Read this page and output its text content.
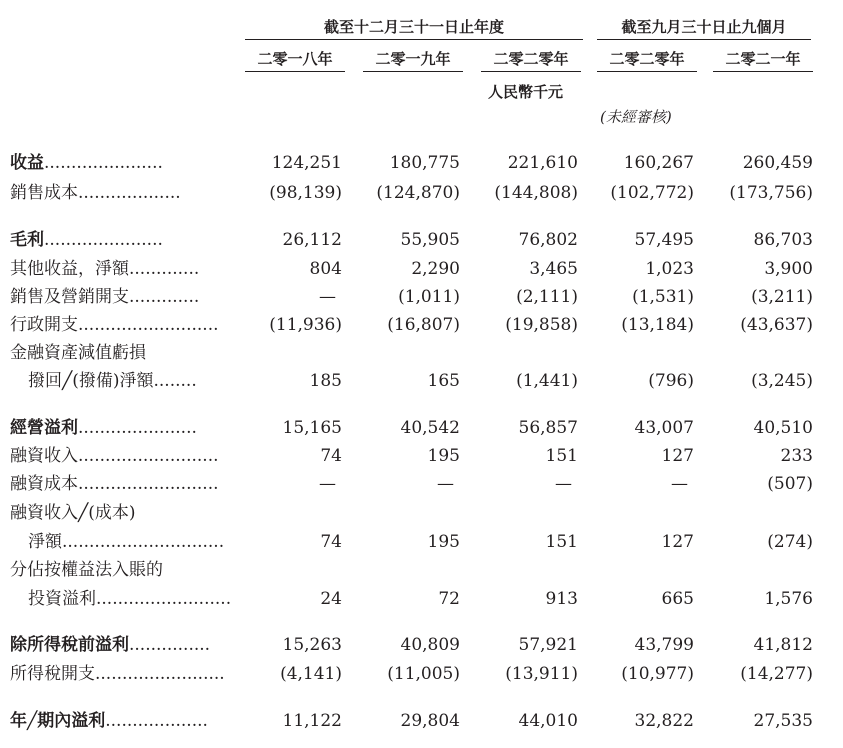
截至十二月三十一日止年度	截至九月三十日止九個月
二零一八年	二零一九年	二零二零年	二零二零年	二零二一年
人民幣千元
(未經審核)
收益......................	124,251	180,775	221,610	160,267	260,459
銷售成本...................	(98,139)	(124,870)	(144,808)	(102,772)	(173,756)
毛利......................	26,112	55,905	76,802	57,495	86,703
其他收益，淨額.............	804	2,290	3,465	1,023	3,900
銷售及營銷開支.............	—	(1,011)	(2,111)	(1,531)	(3,211)
行政開支..........................	(11,936)	(16,807)	(19,858)	(13,184)	(43,637)
金融資產減值虧損
撥回╱(撥備)淨額........	185	165	(1,441)	(796)	(3,245)
經營溢利......................	15,165	40,542	56,857	43,007	40,510
融資收入..........................	74	195	151	127	233
融資成本..........................	—	—	—	—	(507)
融資收入╱(成本)
淨額..............................	74	195	151	127	(274)
分佔按權益法入賬的
投資溢利.........................	24	72	913	665	1,576
除所得稅前溢利...............	15,263	40,809	57,921	43,799	41,812
所得稅開支........................	(4,141)	(11,005)	(13,911)	(10,977)	(14,277)
年╱期內溢利...................	11,122	29,804	44,010	32,822	27,535
